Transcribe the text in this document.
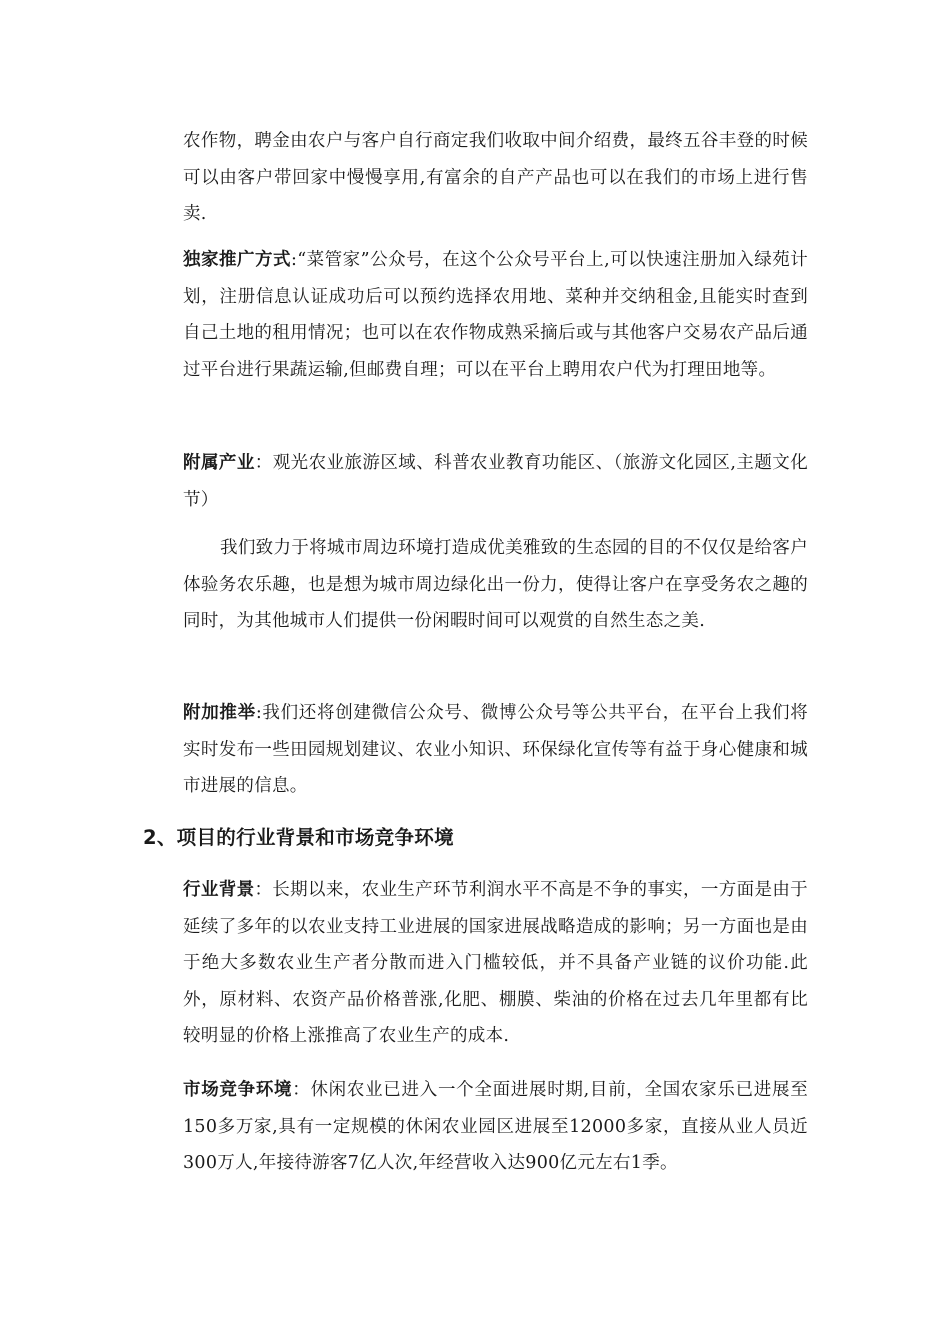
农作物，聘金由农户与客户自行商定我们收取中间介绍费，最终五谷丰登的时候可以由客户带回家中慢慢享用,有富余的自产产品也可以在我们的市场上进行售卖.

独家推广方式:“菜管家”公众号，在这个公众号平台上,可以快速注册加入绿苑计划，注册信息认证成功后可以预约选择农用地、菜种并交纳租金,且能实时查到自己土地的租用情况；也可以在农作物成熟采摘后或与其他客户交易农产品后通过平台进行果蔬运输,但邮费自理；可以在平台上聘用农户代为打理田地等。

附属产业：观光农业旅游区域、科普农业教育功能区、（旅游文化园区,主题文化节）

我们致力于将城市周边环境打造成优美雅致的生态园的目的不仅仅是给客户体验务农乐趣，也是想为城市周边绿化出一份力，使得让客户在享受务农之趣的同时，为其他城市人们提供一份闲暇时间可以观赏的自然生态之美.

附加推举:我们还将创建微信公众号、微博公众号等公共平台，在平台上我们将实时发布一些田园规划建议、农业小知识、环保绿化宣传等有益于身心健康和城市进展的信息。

2、项目的行业背景和市场竞争环境

行业背景：长期以来，农业生产环节利润水平不高是不争的事实，一方面是由于延续了多年的以农业支持工业进展的国家进展战略造成的影响；另一方面也是由于绝大多数农业生产者分散而进入门槛较低，并不具备产业链的议价功能.此外，原材料、农资产品价格普涨,化肥、棚膜、柴油的价格在过去几年里都有比较明显的价格上涨推高了农业生产的成本.

市场竞争环境：休闲农业已进入一个全面进展时期,目前，全国农家乐已进展至150多万家,具有一定规模的休闲农业园区进展至12000多家，直接从业人员近300万人,年接待游客7亿人次,年经营收入达900亿元左右1季。
